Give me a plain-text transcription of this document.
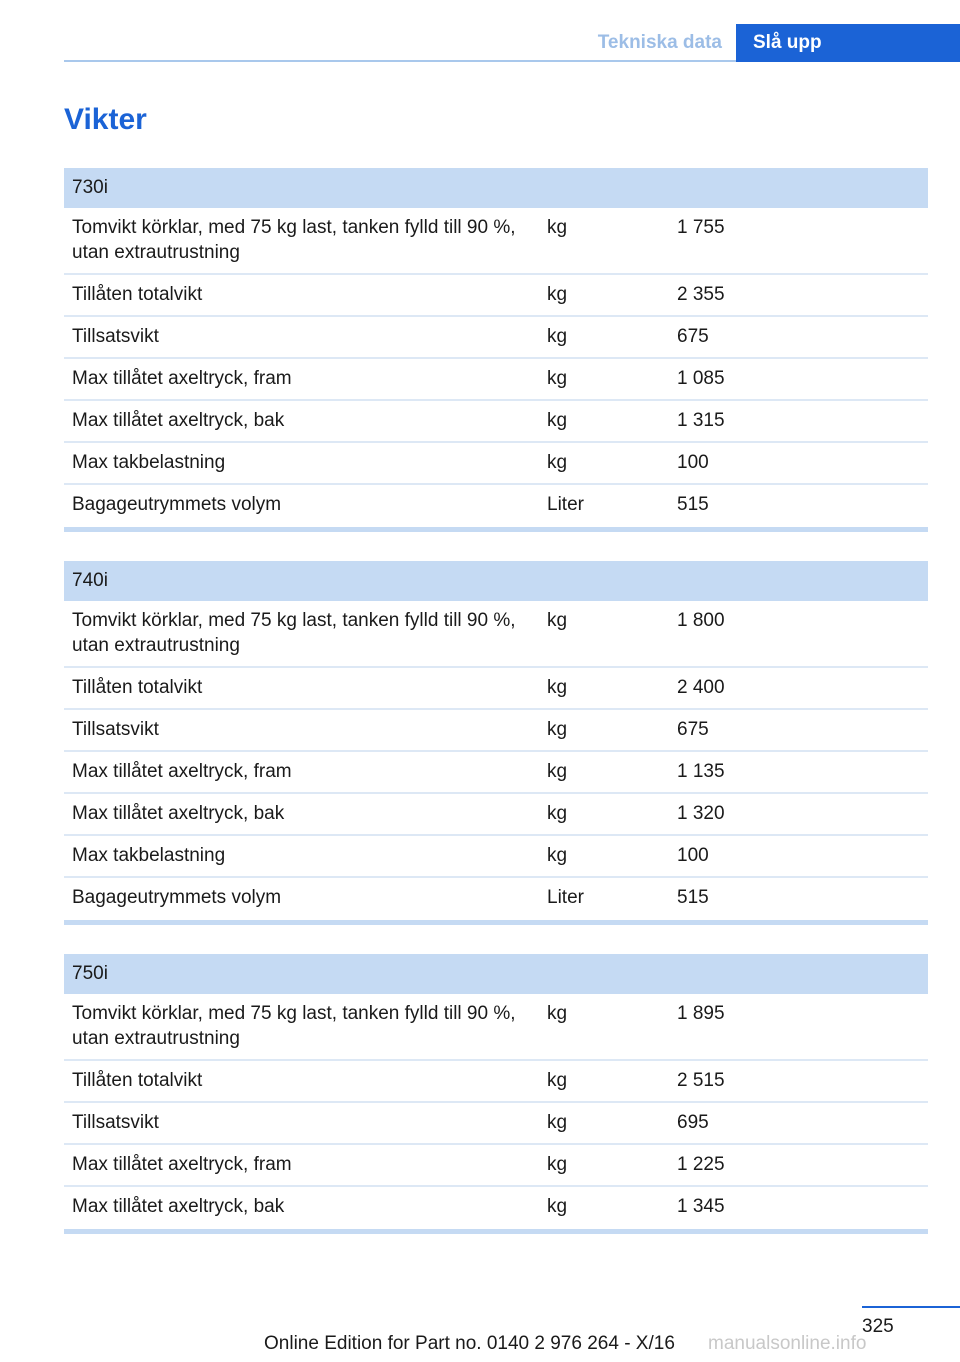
Tekniska data	Slå upp
Vikter
730i		
Tomvikt körklar, med 75 kg last, tanken fylld till 90 %, utan extrautrustning	kg	1 755
Tillåten totalvikt	kg	2 355
Tillsatsvikt	kg	675
Max tillåtet axeltryck, fram	kg	1 085
Max tillåtet axeltryck, bak	kg	1 315
Max takbelastning	kg	100
Bagageutrymmets volym	Liter	515
740i		
Tomvikt körklar, med 75 kg last, tanken fylld till 90 %, utan extrautrustning	kg	1 800
Tillåten totalvikt	kg	2 400
Tillsatsvikt	kg	675
Max tillåtet axeltryck, fram	kg	1 135
Max tillåtet axeltryck, bak	kg	1 320
Max takbelastning	kg	100
Bagageutrymmets volym	Liter	515
750i		
Tomvikt körklar, med 75 kg last, tanken fylld till 90 %, utan extrautrustning	kg	1 895
Tillåten totalvikt	kg	2 515
Tillsatsvikt	kg	695
Max tillåtet axeltryck, fram	kg	1 225
Max tillåtet axeltryck, bak	kg	1 345
325
Online Edition for Part no. 0140 2 976 264 - X/16 manualsonline.info
